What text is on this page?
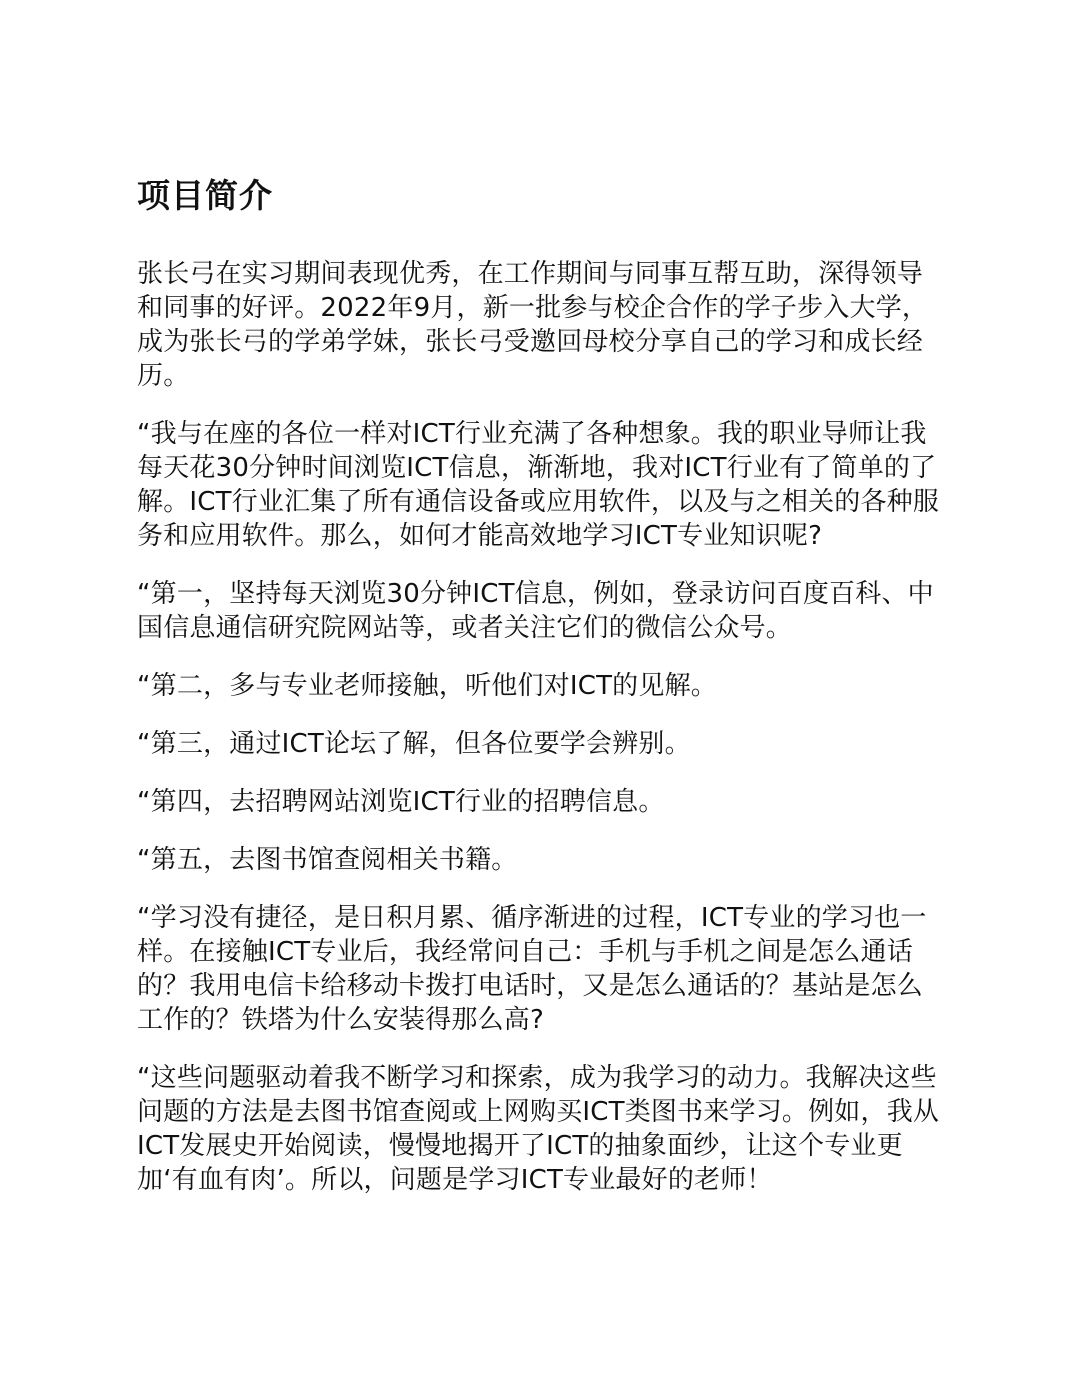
项目简介

张长弓在实习期间表现优秀，在工作期间与同事互帮互助，深得领导和同事的好评。2022年9月，新一批参与校企合作的学子步入大学，成为张长弓的学弟学妹，张长弓受邀回母校分享自己的学习和成长经历。

“我与在座的各位一样对ICT行业充满了各种想象。我的职业导师让我每天花30分钟时间浏览ICT信息，渐渐地，我对ICT行业有了简单的了解。ICT行业汇集了所有通信设备或应用软件，以及与之相关的各种服务和应用软件。那么，如何才能高效地学习ICT专业知识呢?

“第一，坚持每天浏览30分钟ICT信息，例如，登录访问百度百科、中国信息通信研究院网站等，或者关注它们的微信公众号。

“第二，多与专业老师接触，听他们对ICT的见解。

“第三，通过ICT论坛了解，但各位要学会辨别。

“第四，去招聘网站浏览ICT行业的招聘信息。

“第五，去图书馆查阅相关书籍。

“学习没有捷径，是日积月累、循序渐进的过程，ICT专业的学习也一样。在接触ICT专业后，我经常问自己：手机与手机之间是怎么通话的？我用电信卡给移动卡拨打电话时，又是怎么通话的？基站是怎么工作的？铁塔为什么安装得那么高?

“这些问题驱动着我不断学习和探索，成为我学习的动力。我解决这些问题的方法是去图书馆查阅或上网购买ICT类图书来学习。例如，我从ICT发展史开始阅读，慢慢地揭开了ICT的抽象面纱，让这个专业更加‘有血有肉’。所以，问题是学习ICT专业最好的老师！
